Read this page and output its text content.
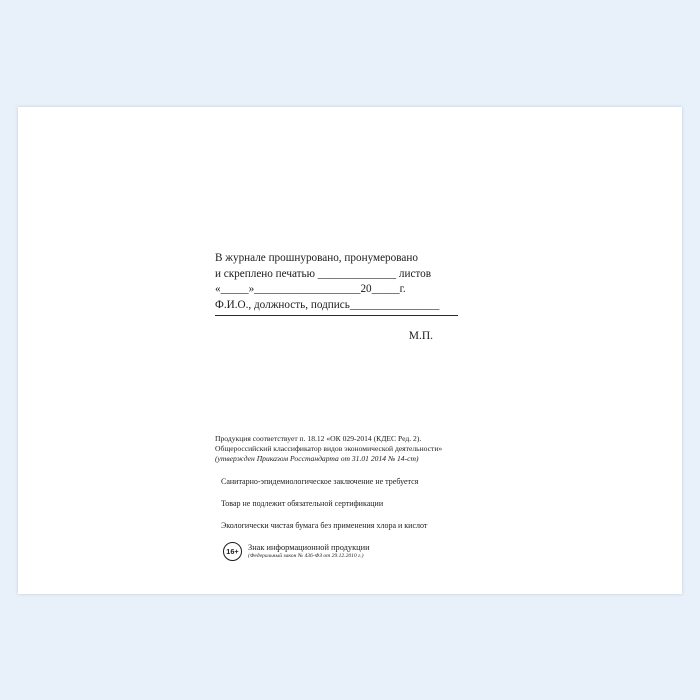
В журнале прошнуровано, пронумеровано
и скреплено печатью ______________ листов
«_____»___________________20_____г.
Ф.И.О., должность, подпись________________
М.П.
Продукция соответствует п. 18.12 «ОК 029-2014 (КДЕС Ред. 2).
Общероссийский классификатор видов экономической деятельности»
(утвержден Приказом Росстандарта от 31.01 2014 № 14-ст)
Санитарно-эпидемиологическое заключение не требуется
Товар не подлежит обязательной сертификации
Экологически чистая бумага без применения хлора и кислот
16+	Знак информационной продукции
(Федеральный закон № 436-ФЗ от 29.12.2010 г.)
